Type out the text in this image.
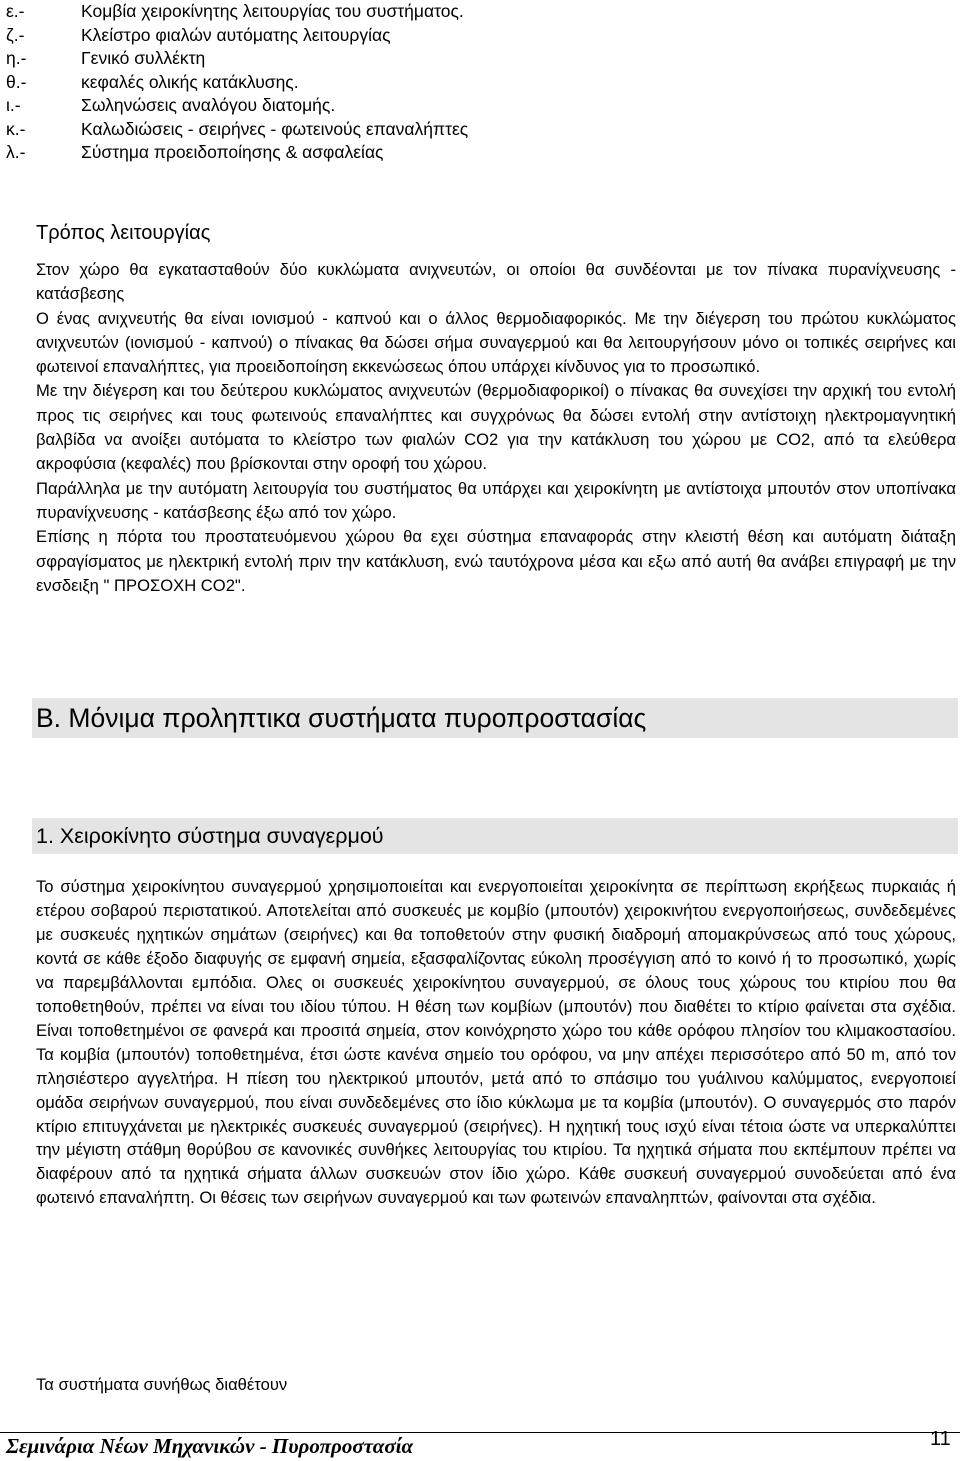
ε.-	Κομβία χειροκίνητης λειτουργίας του συστήματος.
ζ.-	Κλείστρο φιαλών αυτόματης λειτουργίας
η.-	Γενικό συλλέκτη
θ.-	κεφαλές ολικής κατάκλυσης.
ι.-	Σωληνώσεις αναλόγου διατομής.
κ.-	Καλωδιώσεις - σειρήνες - φωτεινούς επαναλήπτες
λ.-	Σύστημα προειδοποίησης & ασφαλείας
Τρόπος λειτουργίας

Στον χώρο θα εγκατασταθούν δύο κυκλώματα ανιχνευτών, οι οποίοι θα συνδέονται με τον πίνακα πυρανίχνευσης - κατάσβεσης

Ο ένας ανιχνευτής θα είναι ιονισμού - καπνού και ο άλλος θερμοδιαφορικός. Με την διέγερση του πρώτου κυκλώματος ανιχνευτών (ιονισμού - καπνού) ο πίνακας θα δώσει σήμα συναγερμού και θα λειτουργήσουν μόνο οι τοπικές σειρήνες και φωτεινοί επαναλήπτες, για προειδοποίηση εκκενώσεως όπου υπάρχει κίνδυνος για το προσωπικό.

Με την διέγερση και του δεύτερου κυκλώματος ανιχνευτών (θερμοδιαφορικοί) ο πίνακας θα συνεχίσει την αρχική του εντολή προς τις σειρήνες και τους φωτεινούς επαναλήπτες και συγχρόνως θα δώσει εντολή στην αντίστοιχη ηλεκτρομαγνητική βαλβίδα να ανοίξει αυτόματα το κλείστρο των φιαλών CO2 για την κατάκλυση του χώρου με CO2, από τα ελεύθερα ακροφύσια (κεφαλές) που βρίσκονται στην οροφή του χώρου.

Παράλληλα με την αυτόματη λειτουργία του συστήματος θα υπάρχει και χειροκίνητη με αντίστοιχα μπουτόν στον υποπίνακα πυρανίχνευσης - κατάσβεσης έξω από τον χώρο.

Επίσης η πόρτα του προστατευόμενου χώρου θα εχει σύστημα επαναφοράς στην κλειστή θέση και αυτόματη διάταξη σφραγίσματος με ηλεκτρική εντολή πριν την κατάκλυση, ενώ ταυτόχρονα μέσα και εξω από αυτή θα ανάβει επιγραφή με την ενσδειξη " ΠΡΟΣΟΧΗ CO2".

Β. Μόνιμα προληπτικα συστήματα πυροπροστασίας
1. Χειροκίνητο σύστημα συναγερμού

Το σύστημα χειροκίνητου συναγερμού χρησιμοποιείται και ενεργοποιείται χειροκίνητα σε περίπτωση εκρήξεως πυρκαιάς ή ετέρου σοβαρού περιστατικού. Αποτελείται από συσκευές με κομβίο (μπουτόν) χειροκινήτου ενεργοποιήσεως, συνδεδεμένες με συσκευές ηχητικών σημάτων (σειρήνες) και θα τοποθετούν στην φυσική διαδρομή απομακρύνσεως από τους χώρους, κοντά σε κάθε έξοδο διαφυγής σε εμφανή σημεία, εξασφαλίζοντας εύκολη προσέγγιση από το κοινό ή το προσωπικό, χωρίς να παρεμβάλλονται εμπόδια. Ολες οι συσκευές χειροκίνητου συναγερμού, σε όλους τους χώρους του κτιρίου που θα τοποθετηθούν, πρέπει να είναι του ιδίου τύπου. Η θέση των κομβίων (μπουτόν) που διαθέτει το κτίριο φαίνεται στα σχέδια. Είναι τοποθετημένοι σε φανερά και προσιτά σημεία, στον κοινόχρηστο χώρο του κάθε ορόφου πλησίον του κλιμακοστασίου. Τα κομβία (μπουτόν) τοποθετημένα, έτσι ώστε κανένα σημείο του ορόφου, να μην απέχει περισσότερο από 50 m, από τον πλησιέστερο αγγελτήρα. Η πίεση του ηλεκτρικού μπουτόν, μετά από το σπάσιμο του γυάλινου καλύμματος, ενεργοποιεί ομάδα σειρήνων συναγερμού, που είναι συνδεδεμένες στο ίδιο κύκλωμα με τα κομβία (μπουτόν). Ο συναγερμός στο παρόν κτίριο επιτυγχάνεται με ηλεκτρικές συσκευές συναγερμού (σειρήνες). Η ηχητική τους ισχύ είναι τέτοια ώστε να υπερκαλύπτει την μέγιστη στάθμη θορύβου σε κανονικές συνθήκες λειτουργίας του κτιρίου. Τα ηχητικά σήματα που εκπέμπουν πρέπει να διαφέρουν από τα ηχητικά σήματα άλλων συσκευών στον ίδιο χώρο. Κάθε συσκευή συναγερμού συνοδεύεται από ένα φωτεινό επαναλήπτη. Οι θέσεις των σειρήνων συναγερμού και των φωτεινών επαναληπτών, φαίνονται στα σχέδια.

Τα συστήματα συνήθως διαθέτουν

Σεμινάρια Νέων Μηχανικών - Πυροπροστασία	11
